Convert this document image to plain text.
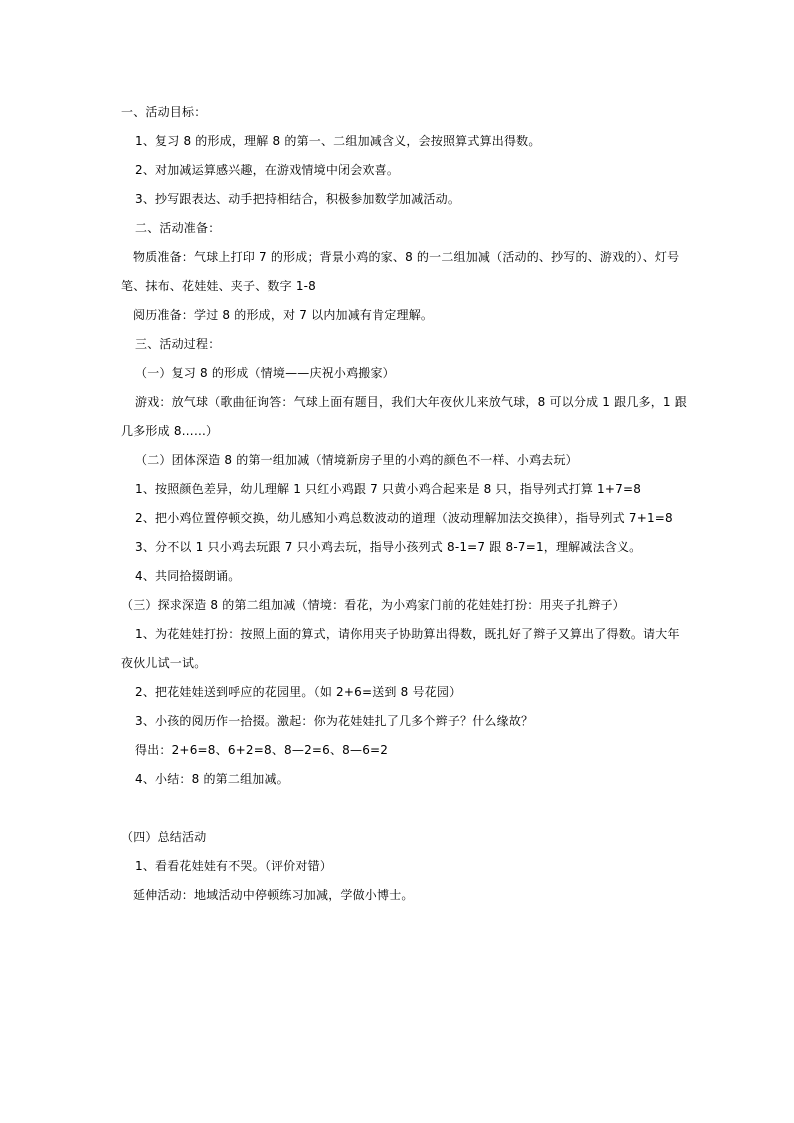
一、活动目标：
1、复习 8 的形成，理解 8 的第一、二组加减含义，会按照算式算出得数。
2、对加减运算感兴趣，在游戏情境中闭会欢喜。
3、抄写跟表达、动手把持相结合，积极参加数学加减活动。
二、活动准备：
物质准备：气球上打印 7 的形成；背景小鸡的家、8 的一二组加减（活动的、抄写的、游戏的）、灯号
笔、抹布、花娃娃、夹子、数字 1-8
阅历准备：学过 8 的形成，对 7 以内加减有肯定理解。
三、活动过程：
（一）复习 8 的形成（情境——庆祝小鸡搬家）
游戏：放气球（歌曲征询答：气球上面有题目，我们大年夜伙儿来放气球，8 可以分成 1 跟几多，1 跟
几多形成 8……）
（二）团体深造 8 的第一组加减（情境新房子里的小鸡的颜色不一样、小鸡去玩）
1、按照颜色差异，幼儿理解 1 只红小鸡跟 7 只黄小鸡合起来是 8 只，指导列式打算 1+7=8
2、把小鸡位置停顿交换，幼儿感知小鸡总数波动的道理（波动理解加法交换律），指导列式 7+1=8
3、分不以 1 只小鸡去玩跟 7 只小鸡去玩，指导小孩列式 8-1=7 跟 8-7=1，理解减法含义。
4、共同拾掇朗诵。
（三）探求深造 8 的第二组加减（情境：看花，为小鸡家门前的花娃娃打扮：用夹子扎辫子）
1、为花娃娃打扮：按照上面的算式，请你用夹子协助算出得数，既扎好了辫子又算出了得数。请大年
夜伙儿试一试。
2、把花娃娃送到呼应的花园里。（如 2+6=送到 8 号花园）
3、小孩的阅历作一拾掇。激起：你为花娃娃扎了几多个辫子？什么缘故？
得出：2+6=8、6+2=8、8—2=6、8—6=2
4、小结：8 的第二组加减。
（四）总结活动
1、看看花娃娃有不哭。（评价对错）
延伸活动：地域活动中停顿练习加减，学做小博士。
